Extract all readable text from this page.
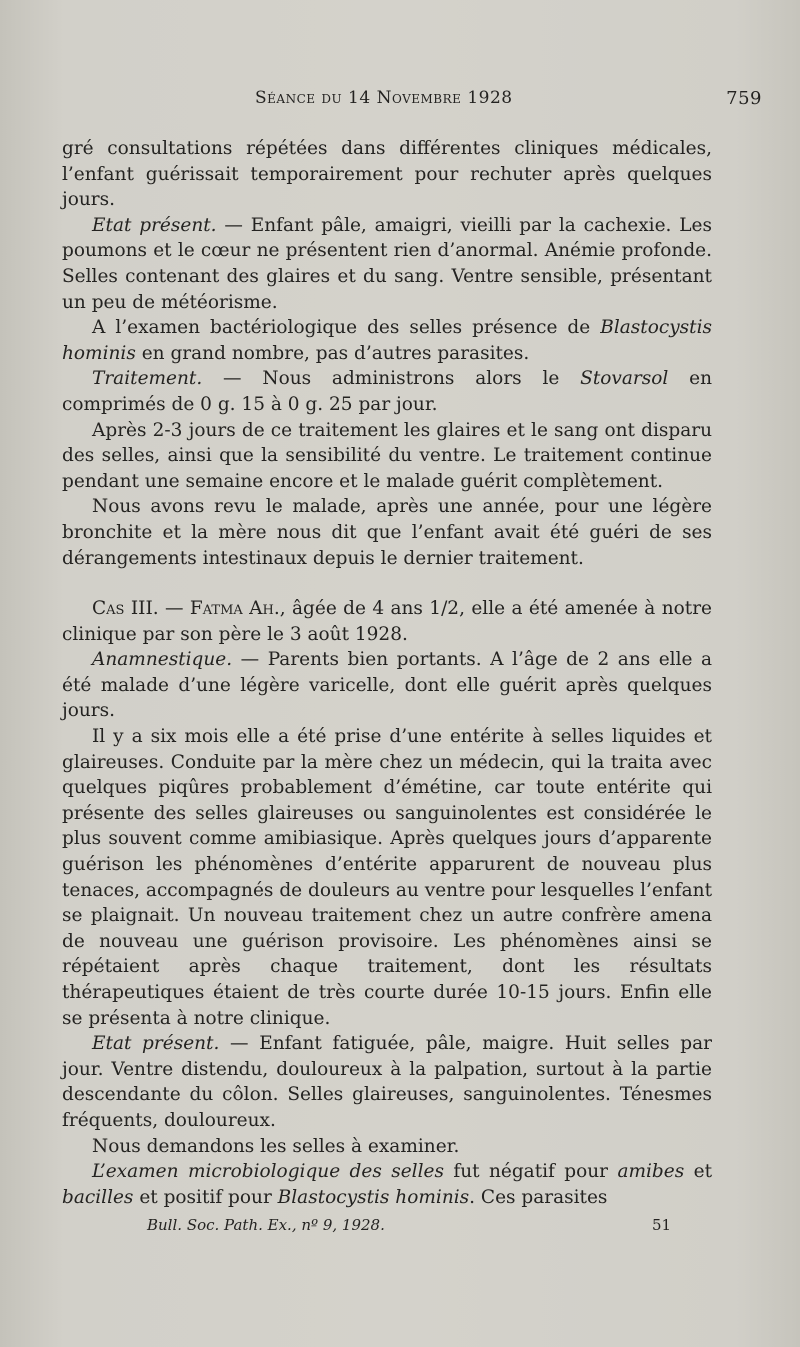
Séance du 14 Novembre 1928	759

gré consultations répétées dans différentes cliniques médicales, l’enfant guérissait temporairement pour rechuter après quelques jours.

Etat présent. — Enfant pâle, amaigri, vieilli par la cachexie. Les poumons et le cœur ne présentent rien d’anormal. Anémie profonde. Selles contenant des glaires et du sang. Ventre sensible, présentant un peu de météorisme.

A l’examen bactériologique des selles présence de Blastocystis hominis en grand nombre, pas d’autres parasites.

Traitement. — Nous administrons alors le Stovarsol en comprimés de 0 g. 15 à 0 g. 25 par jour.

Après 2-3 jours de ce traitement les glaires et le sang ont disparu des selles, ainsi que la sensibilité du ventre. Le traitement continue pendant une semaine encore et le malade guérit complètement.

Nous avons revu le malade, après une année, pour une légère bronchite et la mère nous dit que l’enfant avait été guéri de ses dérangements intestinaux depuis le dernier traitement.

Cas III. — Fatma Ah., âgée de 4 ans 1/2, elle a été amenée à notre clinique par son père le 3 août 1928.

Anamnestique. — Parents bien portants. A l’âge de 2 ans elle a été malade d’une légère varicelle, dont elle guérit après quelques jours.

Il y a six mois elle a été prise d’une entérite à selles liquides et glaireuses. Conduite par la mère chez un médecin, qui la traita avec quelques piqûres probablement d’émétine, car toute entérite qui présente des selles glaireuses ou sanguinolentes est considérée le plus souvent comme amibiasique. Après quelques jours d’apparente guérison les phénomènes d’entérite apparurent de nouveau plus tenaces, accompagnés de douleurs au ventre pour lesquelles l’enfant se plaignait. Un nouveau traitement chez un autre confrère amena de nouveau une guérison provisoire. Les phénomènes ainsi se répétaient après chaque traitement, dont les résultats thérapeutiques étaient de très courte durée 10-15 jours. Enfin elle se présenta à notre clinique.

Etat présent. — Enfant fatiguée, pâle, maigre. Huit selles par jour. Ventre distendu, douloureux à la palpation, surtout à la partie descendante du côlon. Selles glaireuses, sanguinolentes. Ténesmes fréquents, douloureux.

Nous demandons les selles à examiner.

L’examen microbiologique des selles fut négatif pour amibes et bacilles et positif pour Blastocystis hominis. Ces parasites

Bull. Soc. Path. Ex., nº 9, 1928.	51
